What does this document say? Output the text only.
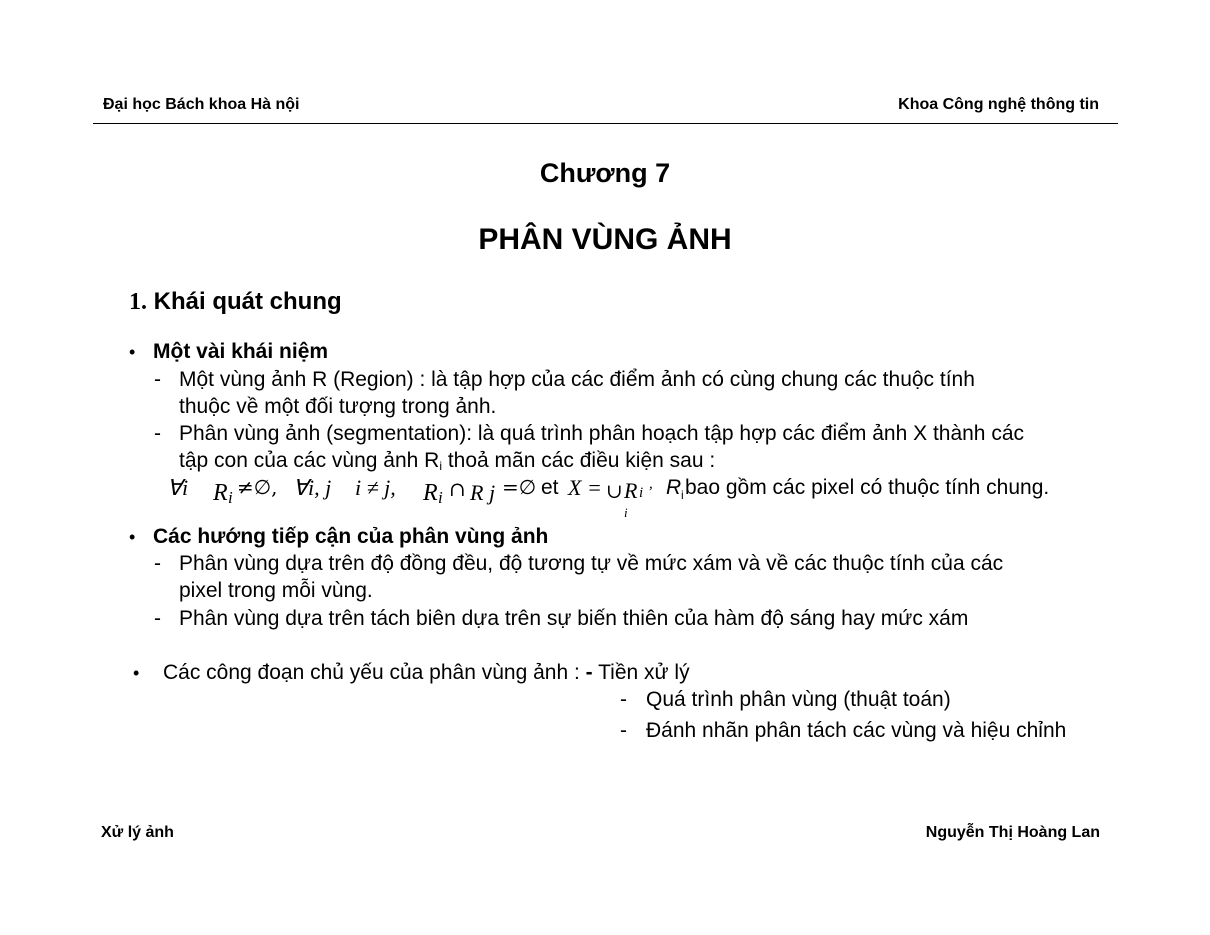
Đại học Bách khoa Hà nội	Khoa Công nghệ thông tin
Chương 7
PHÂN VÙNG ẢNH
1. Khái quát chung
• Một vài khái niệm
- Một vùng ảnh R (Region) : là tập hợp của các điểm ảnh có cùng chung các thuộc tính
thuộc về một đối tượng trong ảnh.
- Phân vùng ảnh (segmentation): là quá trình phân hoạch tập hợp các điểm ảnh X thành các
tập con của các vùng ảnh $R_i$ thoả mãn các điều kiện sau :
∀i R i ≠∅, ∀i, j i ≠ j, R i ∩ R j =∅ et X = ∪ R i
,
i
R i bao gồm các pixel có thuộc tính chung.
• Các hướng tiếp cận của phân vùng ảnh
- Phân vùng dựa trên độ đồng đều, độ tương tự về mức xám và về các thuộc tính của các
pixel trong mỗi vùng.
- Phân vùng dựa trên tách biên dựa trên sự biến thiên của hàm độ sáng hay mức xám
• Các công đoạn chủ yếu của phân vùng ảnh : - Tiền xử lý
- Quá trình phân vùng (thuật toán)
- Đánh nhãn phân tách các vùng và hiệu chỉnh
Xử lý ảnh	Nguyễn Thị Hoàng Lan
